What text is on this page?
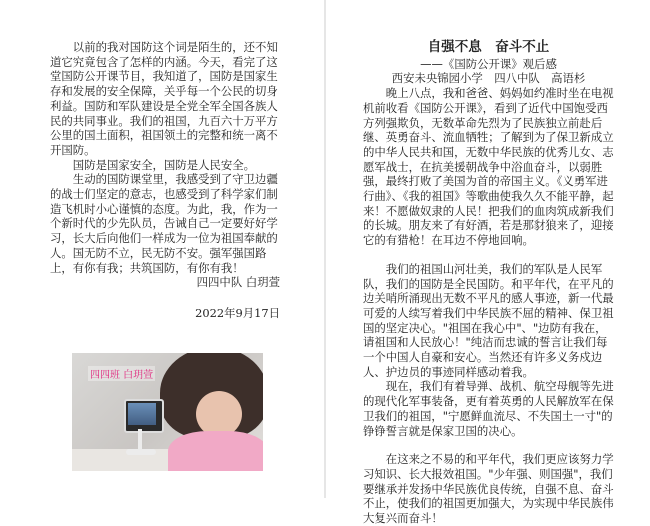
以前的我对国防这个词是陌生的，还不知道它究竟包含了怎样的内涵。今天，看完了这堂国防公开课节目，我知道了，国防是国家生存和发展的安全保障，关乎每一个公民的切身利益。国防和军队建设是全党全军全国各族人民的共同事业。我们的祖国，九百六十万平方公里的国土面积，祖国领土的完整和统一离不开国防。

国防是国家安全，国防是人民安全。

生动的国防课堂里，我感受到了守卫边疆的战士们坚定的意志，也感受到了科学家们制造飞机时小心谨慎的态度。为此，我，作为一个新时代的少先队员，告诫自己一定要好好学习，长大后向他们一样成为一位为祖国奉献的人。国无防不立，民无防不安。强军强国路上，有你有我；共筑国防，有你有我！

四四中队 白玥萱

2022年9月17日

四四班 白玥萱

自强不息　奋斗不止

——《国防公开课》观后感

西安未央锦园小学　四八中队　高语杉

晚上八点，我和爸爸、妈妈如约准时坐在电视机前收看《国防公开课》，看到了近代中国饱受西方列强欺负，无数革命先烈为了民族独立前赴后继、英勇奋斗、流血牺牲；了解到为了保卫新成立的中华人民共和国，无数中华民族的优秀儿女、志愿军战士，在抗美援朝战争中浴血奋斗，以弱胜强，最终打败了美国为首的帝国主义。《义勇军进行曲》、《我的祖国》等歌曲使我久久不能平静，起来！不愿做奴隶的人民！把我们的血肉筑成新我们的长城。朋友来了有好酒，若是那豺狼来了，迎接它的有猎枪！在耳边不停地回响。

我们的祖国山河壮美，我们的军队是人民军队，我们的国防是全民国防。和平年代，在平凡的边关哨所涌现出无数不平凡的感人事迹，新一代最可爱的人续写着我们中华民族不屈的精神、保卫祖国的坚定决心。"祖国在我心中"、"边防有我在，请祖国和人民放心！"纯洁而忠诚的誓言让我们每一个中国人自豪和安心。当然还有许多义务戍边人、护边员的事迹同样感动着我。

现在，我们有着导弹、战机、航空母舰等先进的现代化军事装备，更有着英勇的人民解放军在保卫我们的祖国，"宁愿鲜血流尽、不失国土一寸"的铮铮誓言就是保家卫国的决心。

在这来之不易的和平年代，我们更应该努力学习知识、长大报效祖国。"少年强、则国强"，我们要继承并发扬中华民族优良传统，自强不息、奋斗不止，使我们的祖国更加强大，为实现中华民族伟大复兴而奋斗！
